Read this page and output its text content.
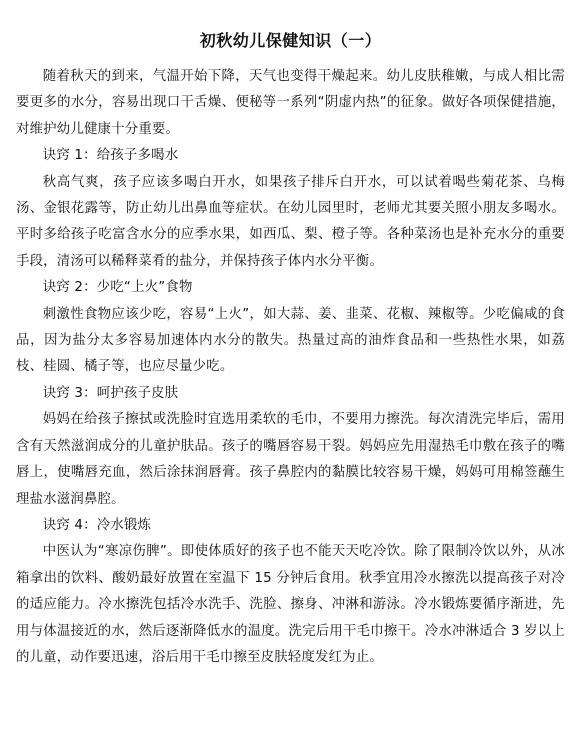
初秋幼儿保健知识（一）

随着秋天的到来，气温开始下降，天气也变得干燥起来。幼儿皮肤稚嫩，与成人相比需要更多的水分，容易出现口干舌燥、便秘等一系列“阴虚内热”的征象。做好各项保健措施，对维护幼儿健康十分重要。

诀窍 1：给孩子多喝水

秋高气爽，孩子应该多喝白开水，如果孩子排斥白开水，可以试着喝些菊花茶、乌梅汤、金银花露等，防止幼儿出鼻血等症状。在幼儿园里时，老师尤其要关照小朋友多喝水。平时多给孩子吃富含水分的应季水果，如西瓜、梨、橙子等。各种菜汤也是补充水分的重要手段，清汤可以稀释菜肴的盐分，并保持孩子体内水分平衡。

诀窍 2：少吃“上火”食物

刺激性食物应该少吃，容易“上火”，如大蒜、姜、韭菜、花椒、辣椒等。少吃偏咸的食品，因为盐分太多容易加速体内水分的散失。热量过高的油炸食品和一些热性水果，如荔枝、桂圆、橘子等，也应尽量少吃。

诀窍 3：呵护孩子皮肤

妈妈在给孩子擦拭或洗脸时宜选用柔软的毛巾，不要用力擦洗。每次清洗完毕后，需用含有天然滋润成分的儿童护肤品。孩子的嘴唇容易干裂。妈妈应先用湿热毛巾敷在孩子的嘴唇上，使嘴唇充血，然后涂抹润唇膏。孩子鼻腔内的黏膜比较容易干燥，妈妈可用棉签蘸生理盐水滋润鼻腔。

诀窍 4：冷水锻炼

中医认为“寒凉伤脾”。即使体质好的孩子也不能天天吃冷饮。除了限制冷饮以外，从冰箱拿出的饮料、酸奶最好放置在室温下 15 分钟后食用。秋季宜用冷水擦洗以提高孩子对冷的适应能力。冷水擦洗包括冷水洗手、洗脸、擦身、冲淋和游泳。冷水锻炼要循序渐进，先用与体温接近的水，然后逐渐降低水的温度。洗完后用干毛巾擦干。冷水冲淋适合 3 岁以上的儿童，动作要迅速，浴后用干毛巾擦至皮肤轻度发红为止。
